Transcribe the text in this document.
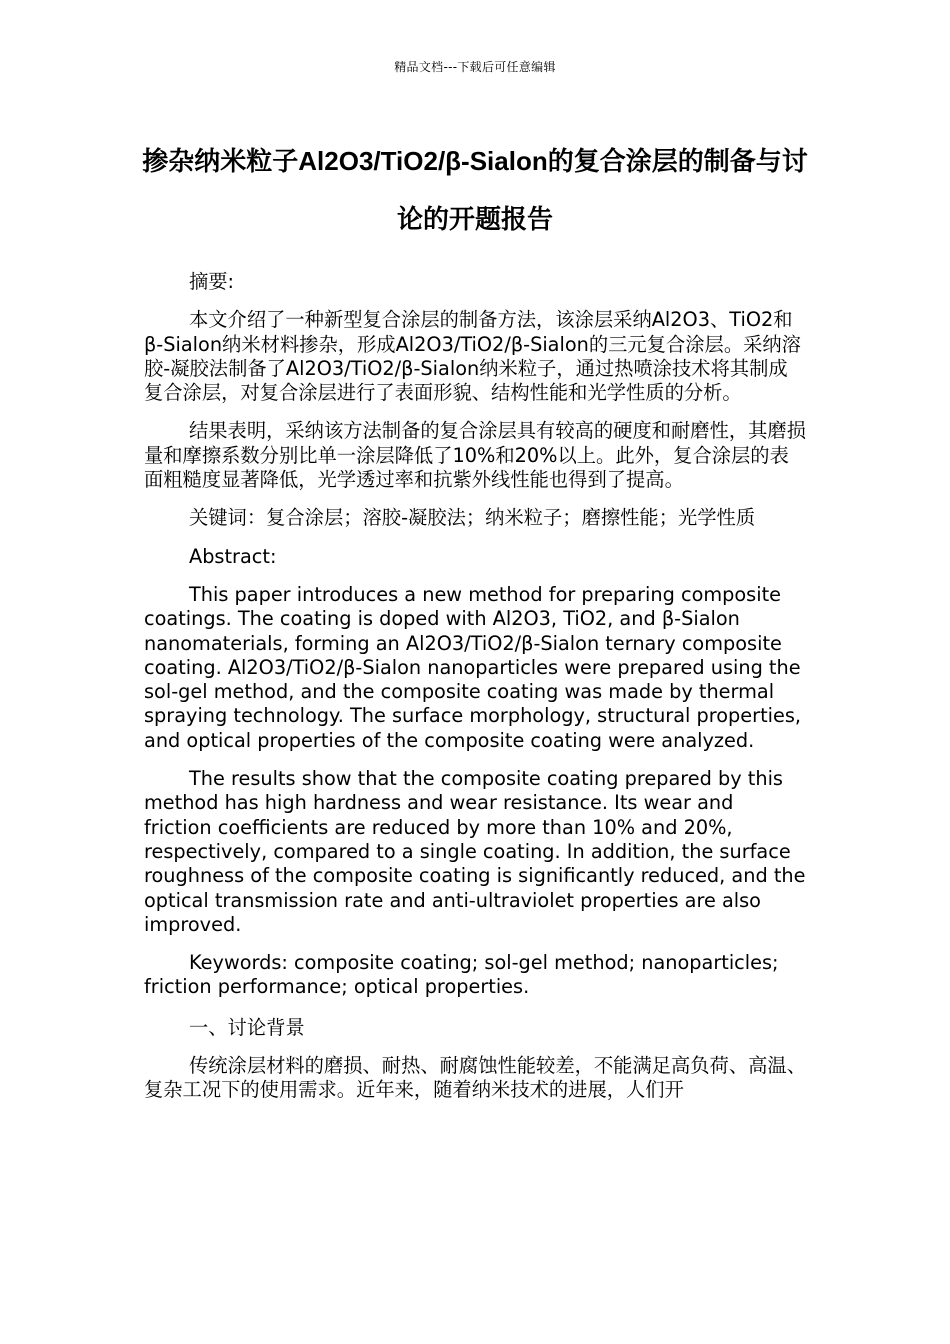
精品文档---下载后可任意编辑
掺杂纳米粒子Al2O3/TiO2/β-Sialon的复合涂层的制备与讨论的开题报告

摘要:

本文介绍了一种新型复合涂层的制备方法，该涂层采纳Al2O3、TiO2和β-Sialon纳米材料掺杂，形成Al2O3/TiO2/β-Sialon的三元复合涂层。采纳溶胶-凝胶法制备了Al2O3/TiO2/β-Sialon纳米粒子，通过热喷涂技术将其制成复合涂层，对复合涂层进行了表面形貌、结构性能和光学性质的分析。

结果表明，采纳该方法制备的复合涂层具有较高的硬度和耐磨性，其磨损量和摩擦系数分别比单一涂层降低了10%和20%以上。此外，复合涂层的表面粗糙度显著降低，光学透过率和抗紫外线性能也得到了提高。

关键词：复合涂层；溶胶-凝胶法；纳米粒子；磨擦性能；光学性质

Abstract:

This paper introduces a new method for preparing composite coatings. The coating is doped with Al2O3, TiO2, and β-Sialon nanomaterials, forming an Al2O3/TiO2/β-Sialon ternary composite coating. Al2O3/TiO2/β-Sialon nanoparticles were prepared using the sol-gel method, and the composite coating was made by thermal spraying technology. The surface morphology, structural properties, and optical properties of the composite coating were analyzed.

The results show that the composite coating prepared by this method has high hardness and wear resistance. Its wear and friction coefficients are reduced by more than 10% and 20%, respectively, compared to a single coating. In addition, the surface roughness of the composite coating is significantly reduced, and the optical transmission rate and anti-ultraviolet properties are also improved.

Keywords: composite coating; sol-gel method; nanoparticles; friction performance; optical properties.

一、讨论背景

传统涂层材料的磨损、耐热、耐腐蚀性能较差，不能满足高负荷、高温、复杂工况下的使用需求。近年来，随着纳米技术的进展，人们开
